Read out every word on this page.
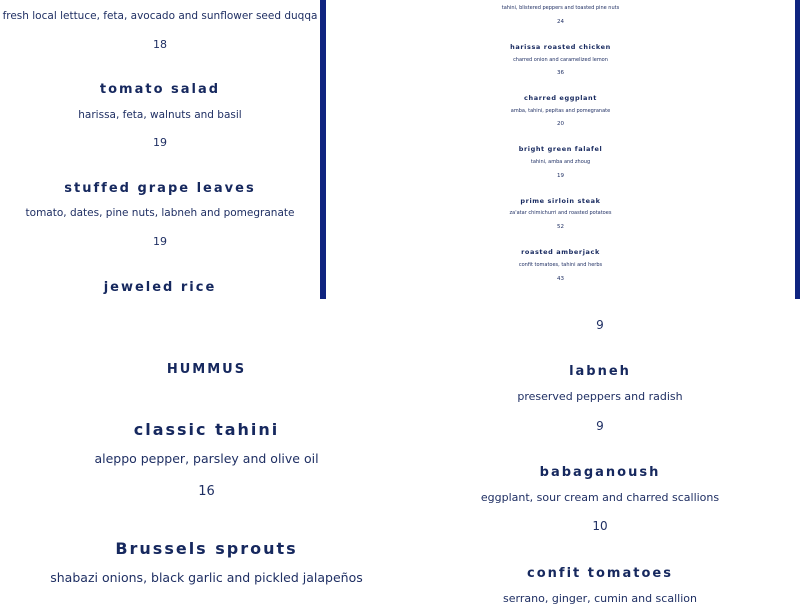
fresh local lettuce, feta, avocado and sunflower seed duqqa
18
tomato salad
harissa, feta, walnuts and basil
19
stuffed grape leaves
tomato, dates, pine nuts, labneh and pomegranate
19
jeweled rice
tahini, blistered peppers and toasted pine nuts
24
harissa roasted chicken
charred onion and caramelized lemon
36
charred eggplant
amba, tahini, pepitas and pomegranate
20
bright green falafel
tahini, amba and zhoug
19
prime sirloin steak
za'atar chimichurri and roasted potatoes
52
roasted amberjack
confit tomatoes, tahini and herbs
43
HUMMUS
classic tahini
aleppo pepper, parsley and olive oil
16
Brussels sprouts
shabazi onions, black garlic and pickled jalapeños
9
labneh
preserved peppers and radish
9
babaganoush
eggplant, sour cream and charred scallions
10
confit tomatoes
serrano, ginger, cumin and scallion
